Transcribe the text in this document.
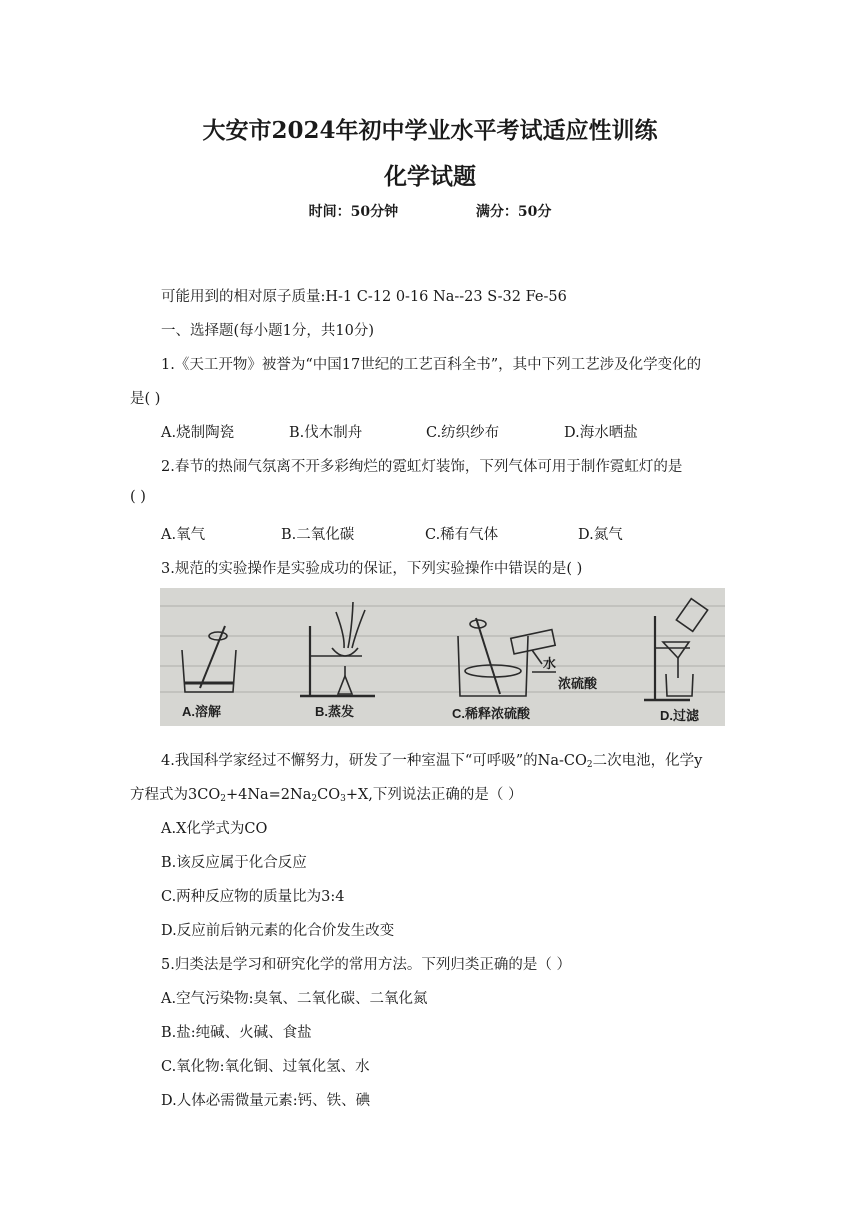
大安市2024年初中学业水平考试适应性训练
化学试题
时间：50分钟	满分：50分
可能用到的相对原子质量:H-1 C-12 0-16 Na--23 S-32 Fe-56
一、选择题(每小题1分，共10分)
1.《天工开物》被誉为“中国17世纪的工艺百科全书”，其中下列工艺涉及化学变化的
是( )
A.烧制陶瓷	B.伐木制舟	C.纺织纱布	D.海水晒盐
2.春节的热闹气氛离不开多彩绚烂的霓虹灯装饰，下列气体可用于制作霓虹灯的是
( )
A.氧气	B.二氧化碳	C.稀有气体	D.氮气
3.规范的实验操作是实验成功的保证，下列实验操作中错误的是( )
A.溶解	B.蒸发	C.稀释浓硫酸	D.过滤
水
浓硫酸
4.我国科学家经过不懈努力，研发了一种室温下“可呼吸”的$Na-CO_2$二次电池，化学y
方程式为$3CO_2+4Na=2Na_2CO_3+X$,下列说法正确的是（ ）
A.X化学式为CO
B.该反应属于化合反应
C.两种反应物的质量比为3:4
D.反应前后钠元素的化合价发生改变
5.归类法是学习和研究化学的常用方法。下列归类正确的是（ ）
A.空气污染物:臭氧、二氧化碳、二氧化氮
B.盐:纯碱、火碱、食盐
C.氧化物:氧化铜、过氧化氢、水
D.人体必需微量元素:钙、铁、碘
